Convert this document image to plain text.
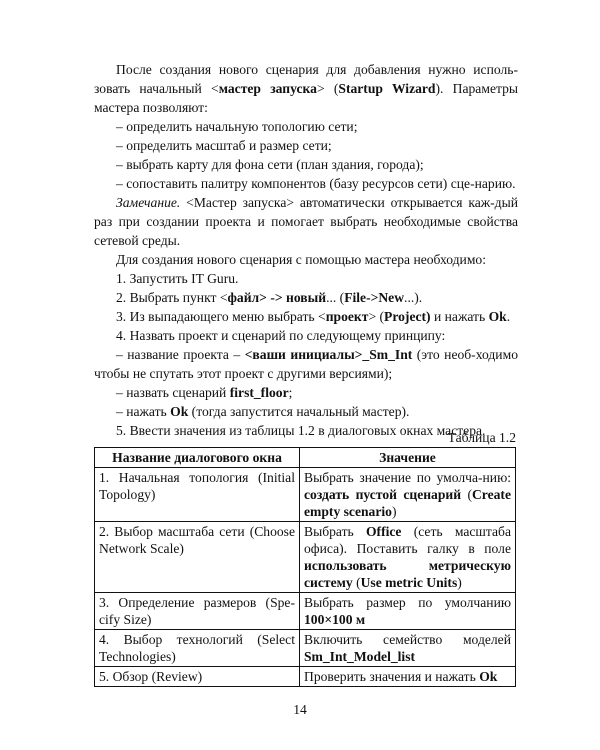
После создания нового сценария для добавления нужно исполь-зовать начальный <мастер запуска> (Startup Wizard). Параметры мастера позволяют:

– определить начальную топологию сети;

– определить масштаб и размер сети;

– выбрать карту для фона сети (план здания, города);

– сопоставить палитру компонентов (базу ресурсов сети) сце-нарию.

Замечание. <Мастер запуска> автоматически открывается каж-дый раз при создании проекта и помогает выбрать необходимые свойства сетевой среды.

Для создания нового сценария с помощью мастера необходимо:

1. Запустить IT Guru.

2. Выбрать пункт <файл> -> новый... (File->New...).

3. Из выпадающего меню выбрать <проект> (Project) и нажать Ok.

4. Назвать проект и сценарий по следующему принципу:

– название проекта – <ваши инициалы>_Sm_Int (это необ-ходимо чтобы не спутать этот проект с другими версиями);

– назвать сценарий first_floor;

– нажать Ok (тогда запустится начальный мастер).

5. Ввести значения из таблицы 1.2 в диалоговых окнах мастера.

Таблица 1.2
Название диалогового окна	Значение
1. Начальная топология (Initial Topology)	Выбрать значение по умолча-нию: создать пустой сценарий (Create empty scenario)
2. Выбор масштаба сети (Choose Network Scale)	Выбрать Office (сеть масштаба офиса). Поставить галку в поле использовать метрическую систему (Use metric Units)
3. Определение размеров (Spe-cify Size)	Выбрать размер по умолчанию 100×100 м
4. Выбор технологий (Select Technologies)	Включить семейство моделей Sm_Int_Model_list
5. Обзор (Review)	Проверить значения и нажать Ok
14
